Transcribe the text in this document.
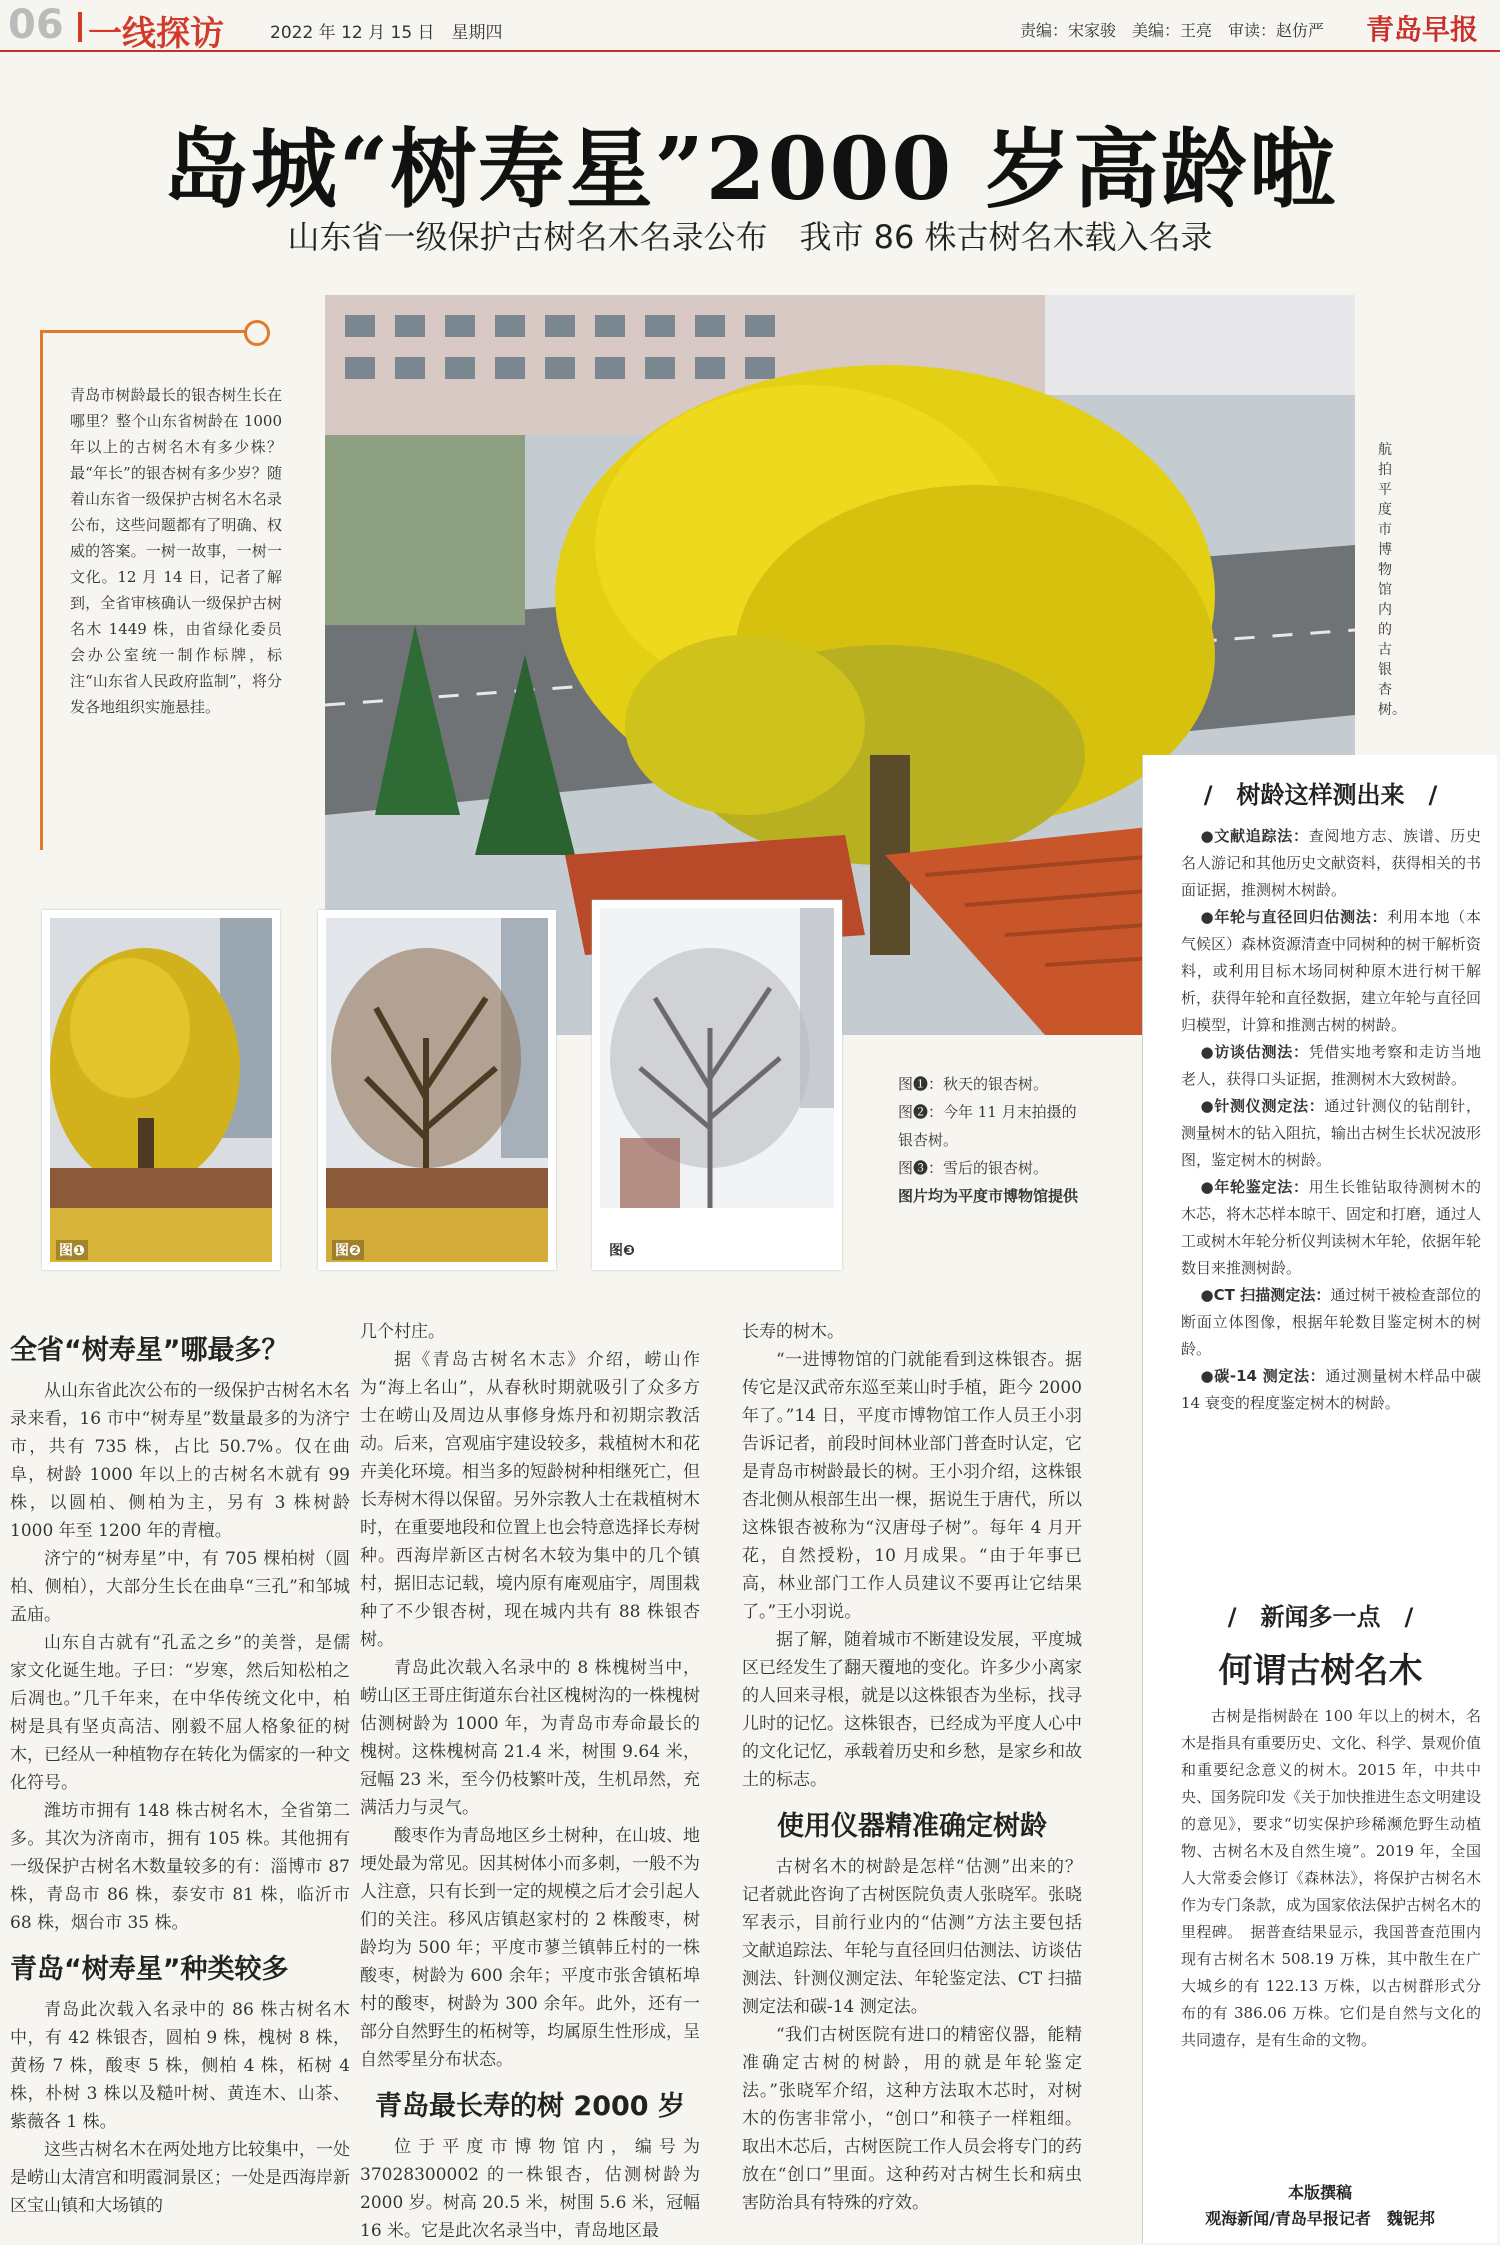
06 一线探访	2022 年 12 月 15 日　星期四	责编：宋家骏　美编：王亮　审读：赵仿严 青岛早报
岛城“树寿星”2000 岁高龄啦
山东省一级保护古树名木名录公布　我市 86 株古树名木载入名录
青岛市树龄最长的银杏树生长在哪里？整个山东省树龄在 1000 年以上的古树名木有多少株？最“年长”的银杏树有多少岁？随着山东省一级保护古树名木名录公布，这些问题都有了明确、权威的答案。一树一故事，一树一文化。12 月 14 日，记者了解到，全省审核确认一级保护古树名木 1449 株，由省绿化委员会办公室统一制作标牌，标注“山东省人民政府监制”，将分发各地组织实施悬挂。
航拍平度市博物馆内的古银杏树。
图❶	图❷	图❸
图❶：秋天的银杏树。
图❷：今年 11 月末拍摄的银杏树。
图❸：雪后的银杏树。
图片均为平度市博物馆提供
/　树龄这样测出来　/

●文献追踪法：查阅地方志、族谱、历史名人游记和其他历史文献资料，获得相关的书面证据，推测树木树龄。

●年轮与直径回归估测法：利用本地（本气候区）森林资源清查中同树种的树干解析资料，或利用目标木场同树种原木进行树干解析，获得年轮和直径数据，建立年轮与直径回归模型，计算和推测古树的树龄。

●访谈估测法：凭借实地考察和走访当地老人，获得口头证据，推测树木大致树龄。

●针测仪测定法：通过针测仪的钻削针，测量树木的钻入阻抗，输出古树生长状况波形图，鉴定树木的树龄。

●年轮鉴定法：用生长锥钻取待测树木的木芯，将木芯样本晾干、固定和打磨，通过人工或树木年轮分析仪判读树木年轮，依据年轮数目来推测树龄。

●CT 扫描测定法：通过树干被检查部位的断面立体图像，根据年轮数目鉴定树木的树龄。

●碳-14 测定法：通过测量树木样品中碳 14 衰变的程度鉴定树木的树龄。

/　新闻多一点　/
何谓古树名木
古树是指树龄在 100 年以上的树木，名木是指具有重要历史、文化、科学、景观价值和重要纪念意义的树木。2015 年，中共中央、国务院印发《关于加快推进生态文明建设的意见》，要求“切实保护珍稀濒危野生动植物、古树名木及自然生境”。2019 年，全国人大常委会修订《森林法》，将保护古树名木作为专门条款，成为国家依法保护古树名木的里程碑。　据普查结果显示，我国普查范围内现有古树名木 508.19 万株，其中散生在广大城乡的有 122.13 万株，以古树群形式分布的有 386.06 万株。它们是自然与文化的共同遗存，是有生命的文物。
全省“树寿星”哪最多？

从山东省此次公布的一级保护古树名木名录来看，16 市中“树寿星”数量最多的为济宁市，共有 735 株，占比 50.7%。仅在曲阜，树龄 1000 年以上的古树名木就有 99 株，以圆柏、侧柏为主，另有 3 株树龄 1000 年至 1200 年的青檀。

济宁的“树寿星”中，有 705 棵柏树（圆柏、侧柏），大部分生长在曲阜“三孔”和邹城孟庙。

山东自古就有“孔孟之乡”的美誉，是儒家文化诞生地。子曰：“岁寒，然后知松柏之后凋也。”几千年来，在中华传统文化中，柏树是具有坚贞高洁、刚毅不屈人格象征的树木，已经从一种植物存在转化为儒家的一种文化符号。

潍坊市拥有 148 株古树名木，全省第二多。其次为济南市，拥有 105 株。其他拥有一级保护古树名木数量较多的有：淄博市 87 株，青岛市 86 株，泰安市 81 株，临沂市 68 株，烟台市 35 株。

青岛“树寿星”种类较多

青岛此次载入名录中的 86 株古树名木中，有 42 株银杏，圆柏 9 株，槐树 8 株，黄杨 7 株，酸枣 5 株，侧柏 4 株，柘树 4 株，朴树 3 株以及糙叶树、黄连木、山茶、紫薇各 1 株。

这些古树名木在两处地方比较集中，一处是崂山太清宫和明霞洞景区；一处是西海岸新区宝山镇和大场镇的

几个村庄。

据《青岛古树名木志》介绍，崂山作为“海上名山”，从春秋时期就吸引了众多方士在崂山及周边从事修身炼丹和初期宗教活动。后来，宫观庙宇建设较多，栽植树木和花卉美化环境。相当多的短龄树种相继死亡，但长寿树木得以保留。另外宗教人士在栽植树木时，在重要地段和位置上也会特意选择长寿树种。西海岸新区古树名木较为集中的几个镇村，据旧志记载，境内原有庵观庙宇，周围栽种了不少银杏树，现在城内共有 88 株银杏树。

青岛此次载入名录中的 8 株槐树当中，崂山区王哥庄街道东台社区槐树沟的一株槐树估测树龄为 1000 年，为青岛市寿命最长的槐树。这株槐树高 21.4 米，树围 9.64 米，冠幅 23 米，至今仍枝繁叶茂，生机昂然，充满活力与灵气。

酸枣作为青岛地区乡土树种，在山坡、地埂处最为常见。因其树体小而多刺，一般不为人注意，只有长到一定的规模之后才会引起人们的关注。移风店镇赵家村的 2 株酸枣，树龄均为 500 年；平度市蓼兰镇韩丘村的一株酸枣，树龄为 600 余年；平度市张舍镇柘埠村的酸枣，树龄为 300 余年。此外，还有一部分自然野生的柘树等，均属原生性形成，呈自然零星分布状态。

青岛最长寿的树 2000 岁

位于平度市博物馆内，编号为 37028300002 的一株银杏，估测树龄为 2000 岁。树高 20.5 米，树围 5.6 米，冠幅 16 米。它是此次名录当中，青岛地区最

长寿的树木。

“一进博物馆的门就能看到这株银杏。据传它是汉武帝东巡至莱山时手植，距今 2000 年了。”14 日，平度市博物馆工作人员王小羽告诉记者，前段时间林业部门普查时认定，它是青岛市树龄最长的树。王小羽介绍，这株银杏北侧从根部生出一棵，据说生于唐代，所以这株银杏被称为“汉唐母子树”。每年 4 月开花，自然授粉，10 月成果。“由于年事已高，林业部门工作人员建议不要再让它结果了。”王小羽说。

据了解，随着城市不断建设发展，平度城区已经发生了翻天覆地的变化。许多少小离家的人回来寻根，就是以这株银杏为坐标，找寻儿时的记忆。这株银杏，已经成为平度人心中的文化记忆，承载着历史和乡愁，是家乡和故土的标志。

使用仪器精准确定树龄

古树名木的树龄是怎样“估测”出来的？记者就此咨询了古树医院负责人张晓军。张晓军表示，目前行业内的“估测”方法主要包括文献追踪法、年轮与直径回归估测法、访谈估测法、针测仪测定法、年轮鉴定法、CT 扫描测定法和碳-14 测定法。

“我们古树医院有进口的精密仪器，能精准确定古树的树龄，用的就是年轮鉴定法。”张晓军介绍，这种方法取木芯时，对树木的伤害非常小，“创口”和筷子一样粗细。取出木芯后，古树医院工作人员会将专门的药放在“创口”里面。这种药对古树生长和病虫害防治具有特殊的疗效。

本版撰稿
观海新闻/青岛早报记者　魏铌邦
